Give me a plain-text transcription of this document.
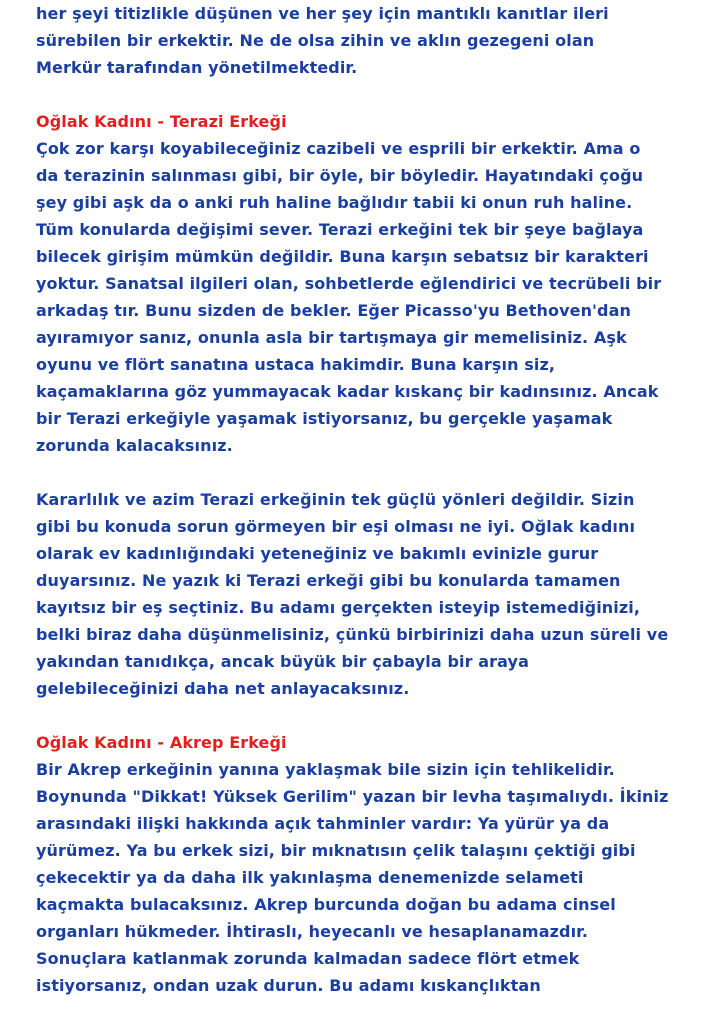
her şeyi titizlikle düşünen ve her şey için mantıklı kanıtlar ileri
sürebilen bir erkektir. Ne de olsa zihin ve aklın gezegeni olan
Merkür tarafından yönetilmektedir.
Oğlak Kadını - Terazi Erkeği
Çok zor karşı koyabileceğiniz cazibeli ve esprili bir erkektir. Ama o
da terazinin salınması gibi, bir öyle, bir böyledir. Hayatındaki çoğu
şey gibi aşk da o anki ruh haline bağlıdır tabii ki onun ruh haline.
Tüm konularda değişimi sever. Terazi erkeğini tek bir şeye bağlaya
bilecek girişim mümkün değildir. Buna karşın sebatsız bir karakteri
yoktur. Sanatsal ilgileri olan, sohbetlerde eğlendirici ve tecrübeli bir
arkadaş tır. Bunu sizden de bekler. Eğer Picasso'yu Bethoven'dan
ayıramıyor sanız, onunla asla bir tartışmaya gir memelisiniz. Aşk
oyunu ve flört sanatına ustaca hakimdir. Buna karşın siz,
kaçamaklarına göz yummayacak kadar kıskanç bir kadınsınız. Ancak
bir Terazi erkeğiyle yaşamak istiyorsanız, bu gerçekle yaşamak
zorunda kalacaksınız.
Kararlılık ve azim Terazi erkeğinin tek güçlü yönleri değildir. Sizin
gibi bu konuda sorun görmeyen bir eşi olması ne iyi. Oğlak kadını
olarak ev kadınlığındaki yeteneğiniz ve bakımlı evinizle gurur
duyarsınız. Ne yazık ki Terazi erkeği gibi bu konularda tamamen
kayıtsız bir eş seçtiniz. Bu adamı gerçekten isteyip istemediğinizi,
belki biraz daha düşünmelisiniz, çünkü birbirinizi daha uzun süreli ve
yakından tanıdıkça, ancak büyük bir çabayla bir araya
gelebileceğinizi daha net anlayacaksınız.
Oğlak Kadını - Akrep Erkeği
Bir Akrep erkeğinin yanına yaklaşmak bile sizin için tehlikelidir.
Boynunda "Dikkat! Yüksek Gerilim" yazan bir levha taşımalıydı. İkiniz
arasındaki ilişki hakkında açık tahminler vardır: Ya yürür ya da
yürümez. Ya bu erkek sizi, bir mıknatısın çelik talaşını çektiği gibi
çekecektir ya da daha ilk yakınlaşma denemenizde selameti
kaçmakta bulacaksınız. Akrep burcunda doğan bu adama cinsel
organları hükmeder. İhtiraslı, heyecanlı ve hesaplanamazdır.
Sonuçlara katlanmak zorunda kalmadan sadece flört etmek
istiyorsanız, ondan uzak durun. Bu adamı kıskançlıktan
